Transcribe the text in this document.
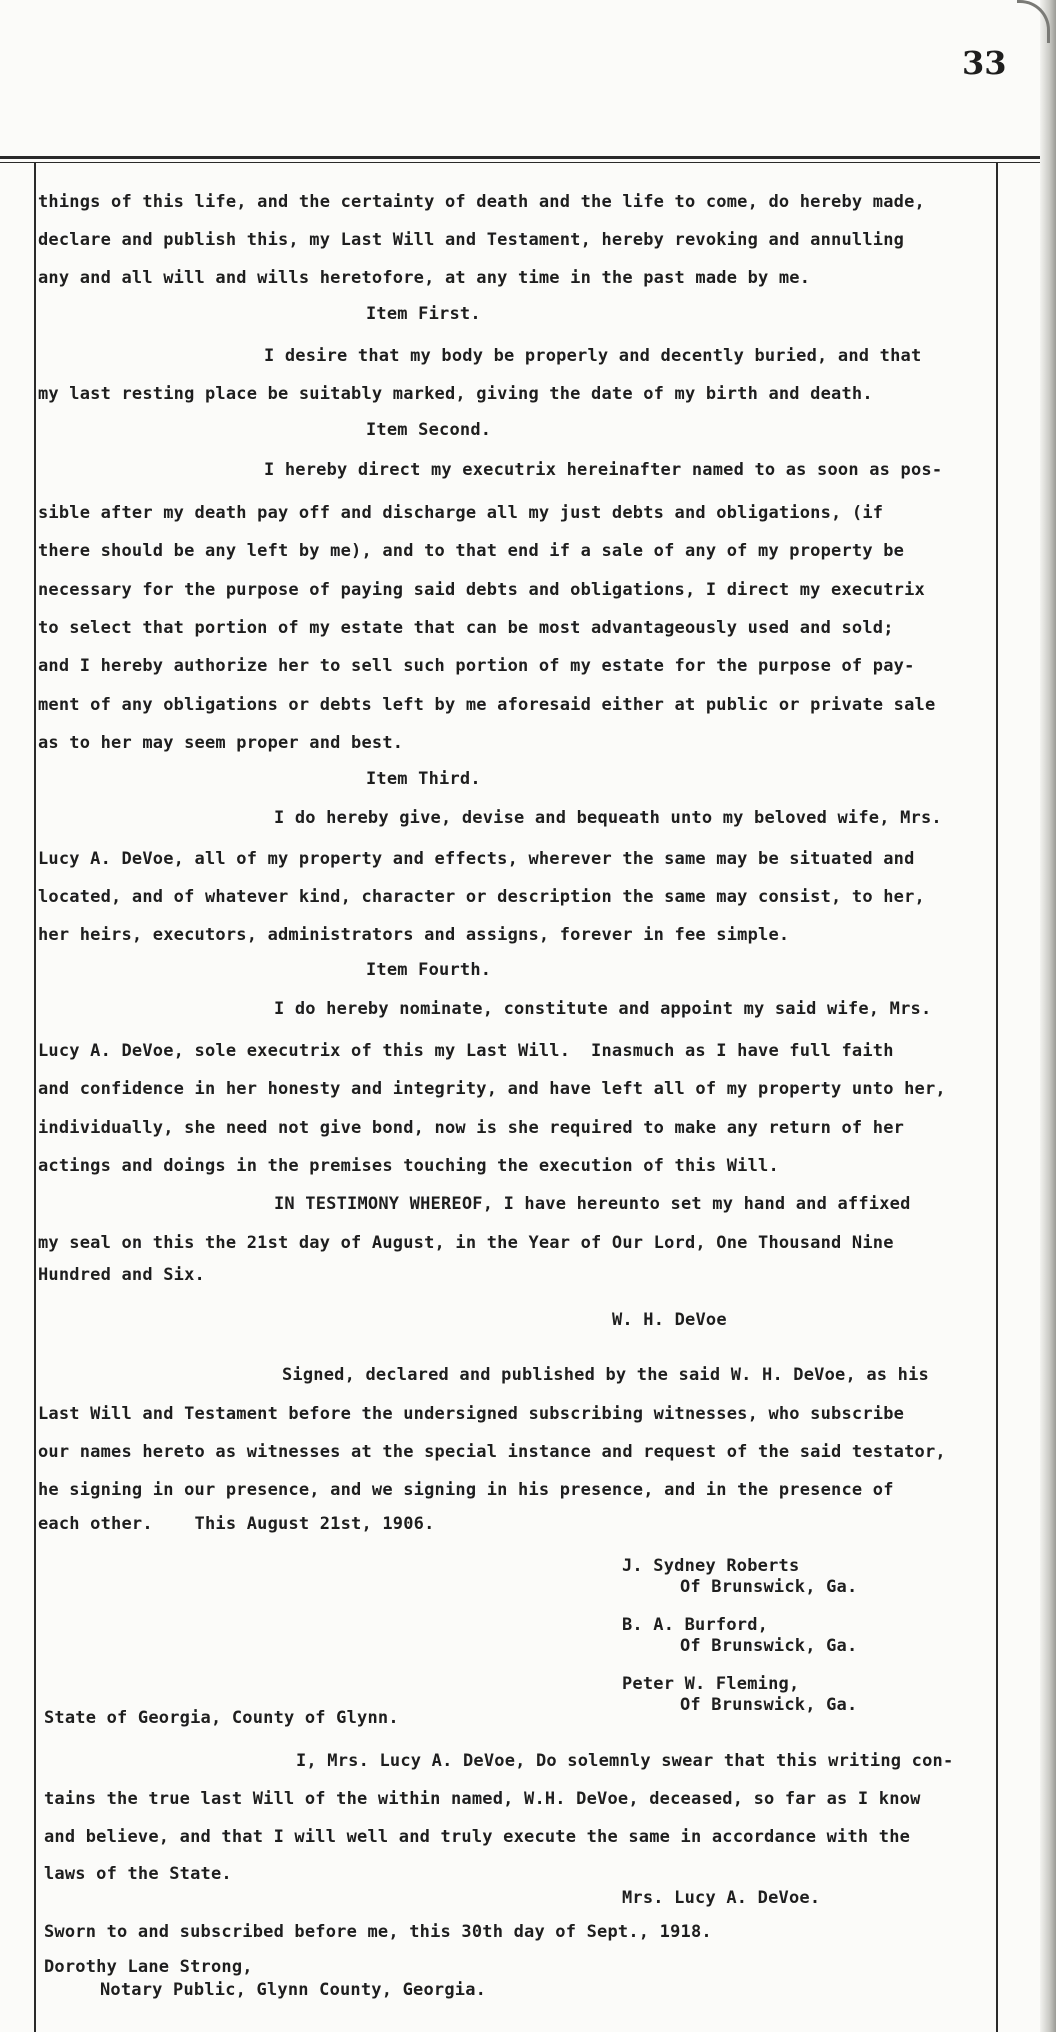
33

things of this life, and the certainty of death and the life to come, do hereby made,

declare and publish this, my Last Will and Testament, hereby revoking and annulling

any and all will and wills heretofore, at any time in the past made by me.

Item First.

I desire that my body be properly and decently buried, and that

my last resting place be suitably marked, giving the date of my birth and death.

Item Second.

I hereby direct my executrix hereinafter named to as soon as pos-

sible after my death pay off and discharge all my just debts and obligations, (if

there should be any left by me), and to that end if a sale of any of my property be

necessary for the purpose of paying said debts and obligations, I direct my executrix

to select that portion of my estate that can be most advantageously used and sold;

and I hereby authorize her to sell such portion of my estate for the purpose of pay-

ment of any obligations or debts left by me aforesaid either at public or private sale

as to her may seem proper and best.

Item Third.

I do hereby give, devise and bequeath unto my beloved wife, Mrs.

Lucy A. DeVoe, all of my property and effects, wherever the same may be situated and

located, and of whatever kind, character or description the same may consist, to her,

her heirs, executors, administrators and assigns, forever in fee simple.

Item Fourth.

I do hereby nominate, constitute and appoint my said wife, Mrs.

Lucy A. DeVoe, sole executrix of this my Last Will.  Inasmuch as I have full faith

and confidence in her honesty and integrity, and have left all of my property unto her,

individually, she need not give bond, now is she required to make any return of her

actings and doings in the premises touching the execution of this Will.

IN TESTIMONY WHEREOF, I have hereunto set my hand and affixed

my seal on this the 21st day of August, in the Year of Our Lord, One Thousand Nine

Hundred and Six.

W. H. DeVoe

Signed, declared and published by the said W. H. DeVoe, as his

Last Will and Testament before the undersigned subscribing witnesses, who subscribe

our names hereto as witnesses at the special instance and request of the said testator,

he signing in our presence, and we signing in his presence, and in the presence of

each other.    This August 21st, 1906.

J. Sydney Roberts

Of Brunswick, Ga.

B. A. Burford,

Of Brunswick, Ga.

Peter W. Fleming,

Of Brunswick, Ga.

State of Georgia, County of Glynn.

I, Mrs. Lucy A. DeVoe, Do solemnly swear that this writing con-

tains the true last Will of the within named, W.H. DeVoe, deceased, so far as I know

and believe, and that I will well and truly execute the same in accordance with the

laws of the State.

Mrs. Lucy A. DeVoe.

Sworn to and subscribed before me, this 30th day of Sept., 1918.

Dorothy Lane Strong,

Notary Public, Glynn County, Georgia.
